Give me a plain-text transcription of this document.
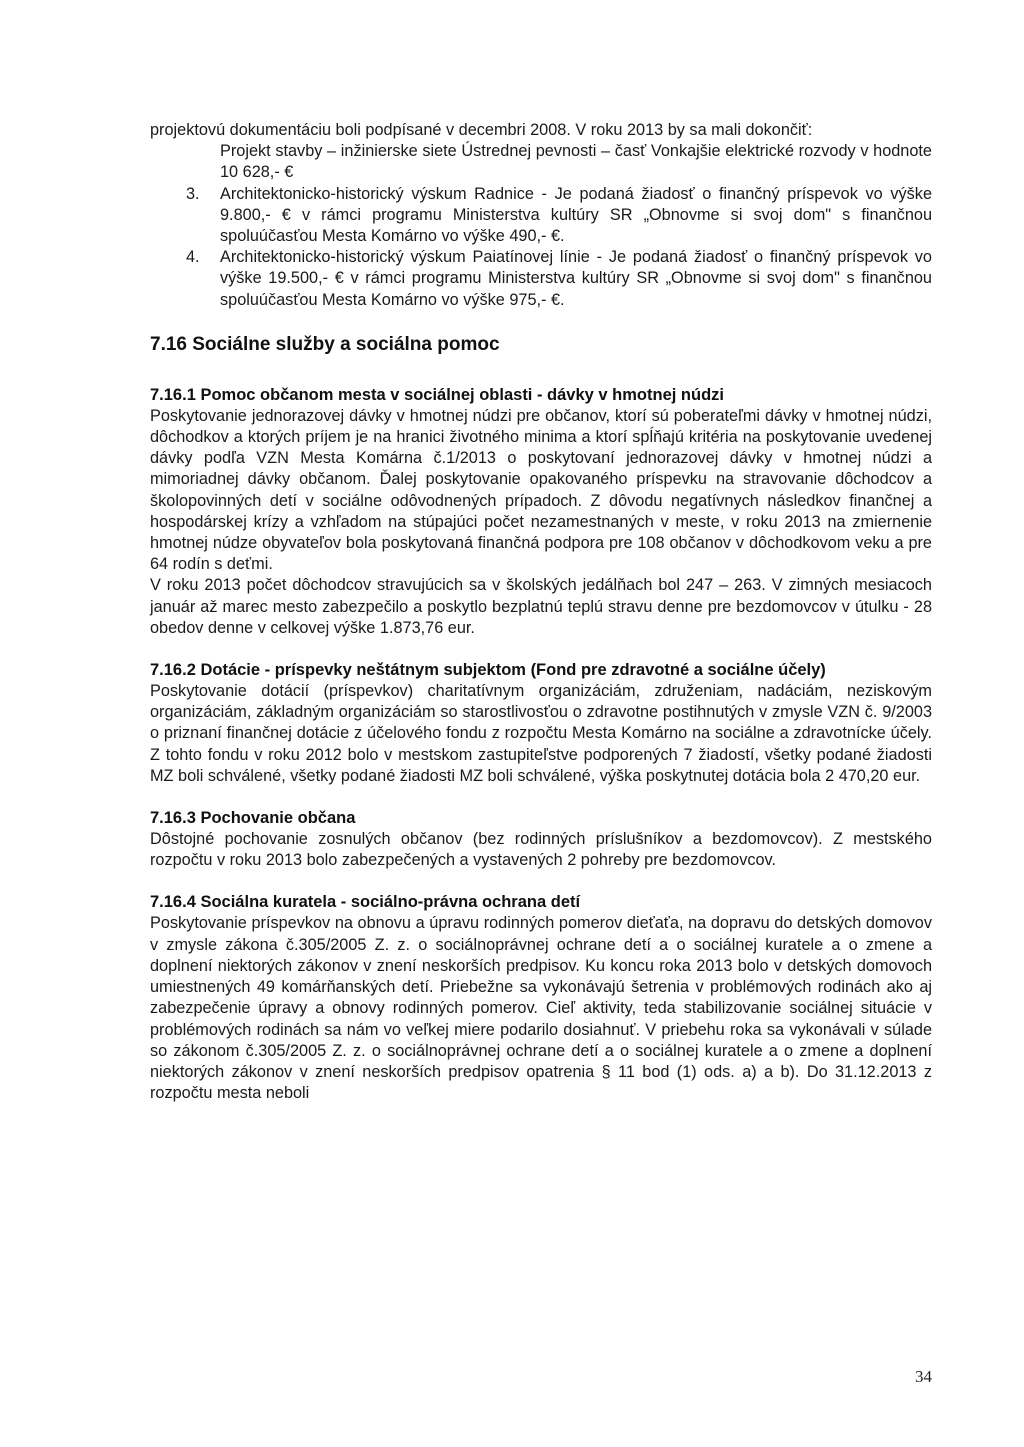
projektovú dokumentáciu boli podpísané v decembri 2008. V roku 2013 by sa mali dokončiť:

Projekt stavby – inžinierske siete Ústrednej pevnosti – časť Vonkajšie elektrické rozvody v hodnote 10 628,- €

3. Architektonicko-historický výskum Radnice - Je podaná žiadosť o finančný príspevok vo výške 9.800,- € v rámci programu Ministerstva kultúry SR „Obnovme si svoj dom" s finančnou spoluúčasťou Mesta Komárno vo výške 490,- €.
4. Architektonicko-historický výskum Paiatínovej línie - Je podaná žiadosť o finančný príspevok vo výške 19.500,- € v rámci programu Ministerstva kultúry SR „Obnovme si svoj dom" s finančnou spoluúčasťou Mesta Komárno vo výške 975,- €.
7.16 Sociálne služby a sociálna pomoc
7.16.1 Pomoc občanom mesta v sociálnej oblasti - dávky v hmotnej núdzi

Poskytovanie jednorazovej dávky v hmotnej núdzi pre občanov, ktorí sú poberateľmi dávky v hmotnej núdzi, dôchodkov a ktorých príjem je na hranici životného minima a ktorí spĺňajú kritéria na poskytovanie uvedenej dávky podľa VZN Mesta Komárna č.1/2013 o poskytovaní jednorazovej dávky v hmotnej núdzi a mimoriadnej dávky občanom. Ďalej poskytovanie opakovaného príspevku na stravovanie dôchodcov a školopovinných detí v sociálne odôvodnených prípadoch. Z dôvodu negatívnych následkov finančnej a hospodárskej krízy a vzhľadom na stúpajúci počet nezamestnaných v meste, v roku 2013 na zmiernenie hmotnej núdze obyvateľov bola poskytovaná finančná podpora pre 108 občanov v dôchodkovom veku a pre 64 rodín s deťmi.

V roku 2013 počet dôchodcov stravujúcich sa v školských jedálňach bol 247 – 263. V zimných mesiacoch január až marec mesto zabezpečilo a poskytlo bezplatnú teplú stravu denne pre bezdomovcov v útulku - 28 obedov denne v celkovej výške 1.873,76 eur.

7.16.2 Dotácie - príspevky neštátnym subjektom (Fond pre zdravotné a sociálne účely)

Poskytovanie dotácií (príspevkov) charitatívnym organizáciám, združeniam, nadáciám, neziskovým organizáciám, základným organizáciám so starostlivosťou o zdravotne postihnutých v zmysle VZN č. 9/2003 o priznaní finančnej dotácie z účelového fondu z rozpočtu Mesta Komárno na sociálne a zdravotnícke účely. Z tohto fondu v roku 2012 bolo v mestskom zastupiteľstve podporených 7 žiadostí, všetky podané žiadosti MZ boli schválené, všetky podané žiadosti MZ boli schválené, výška poskytnutej dotácia bola 2 470,20 eur.

7.16.3 Pochovanie občana

Dôstojné pochovanie zosnulých občanov (bez rodinných príslušníkov a bezdomovcov). Z mestského rozpočtu v roku 2013 bolo zabezpečených a vystavených 2 pohreby pre bezdomovcov.

7.16.4 Sociálna kuratela - sociálno-právna ochrana detí

Poskytovanie príspevkov na obnovu a úpravu rodinných pomerov dieťaťa, na dopravu do detských domovov v zmysle zákona č.305/2005 Z. z. o sociálnoprávnej ochrane detí a o sociálnej kuratele a o zmene a doplnení niektorých zákonov v znení neskorších predpisov. Ku koncu roka 2013 bolo v detských domovoch umiestnených 49 komárňanských detí. Priebežne sa vykonávajú šetrenia v problémových rodinách ako aj zabezpečenie úpravy a obnovy rodinných pomerov. Cieľ aktivity, teda stabilizovanie sociálnej situácie v problémových rodinách sa nám vo veľkej miere podarilo dosiahnuť. V priebehu roka sa vykonávali v súlade so zákonom č.305/2005 Z. z. o sociálnoprávnej ochrane detí a o sociálnej kuratele a o zmene a doplnení niektorých zákonov v znení neskorších predpisov opatrenia § 11 bod (1) ods. a) a b). Do 31.12.2013 z rozpočtu mesta neboli

34
